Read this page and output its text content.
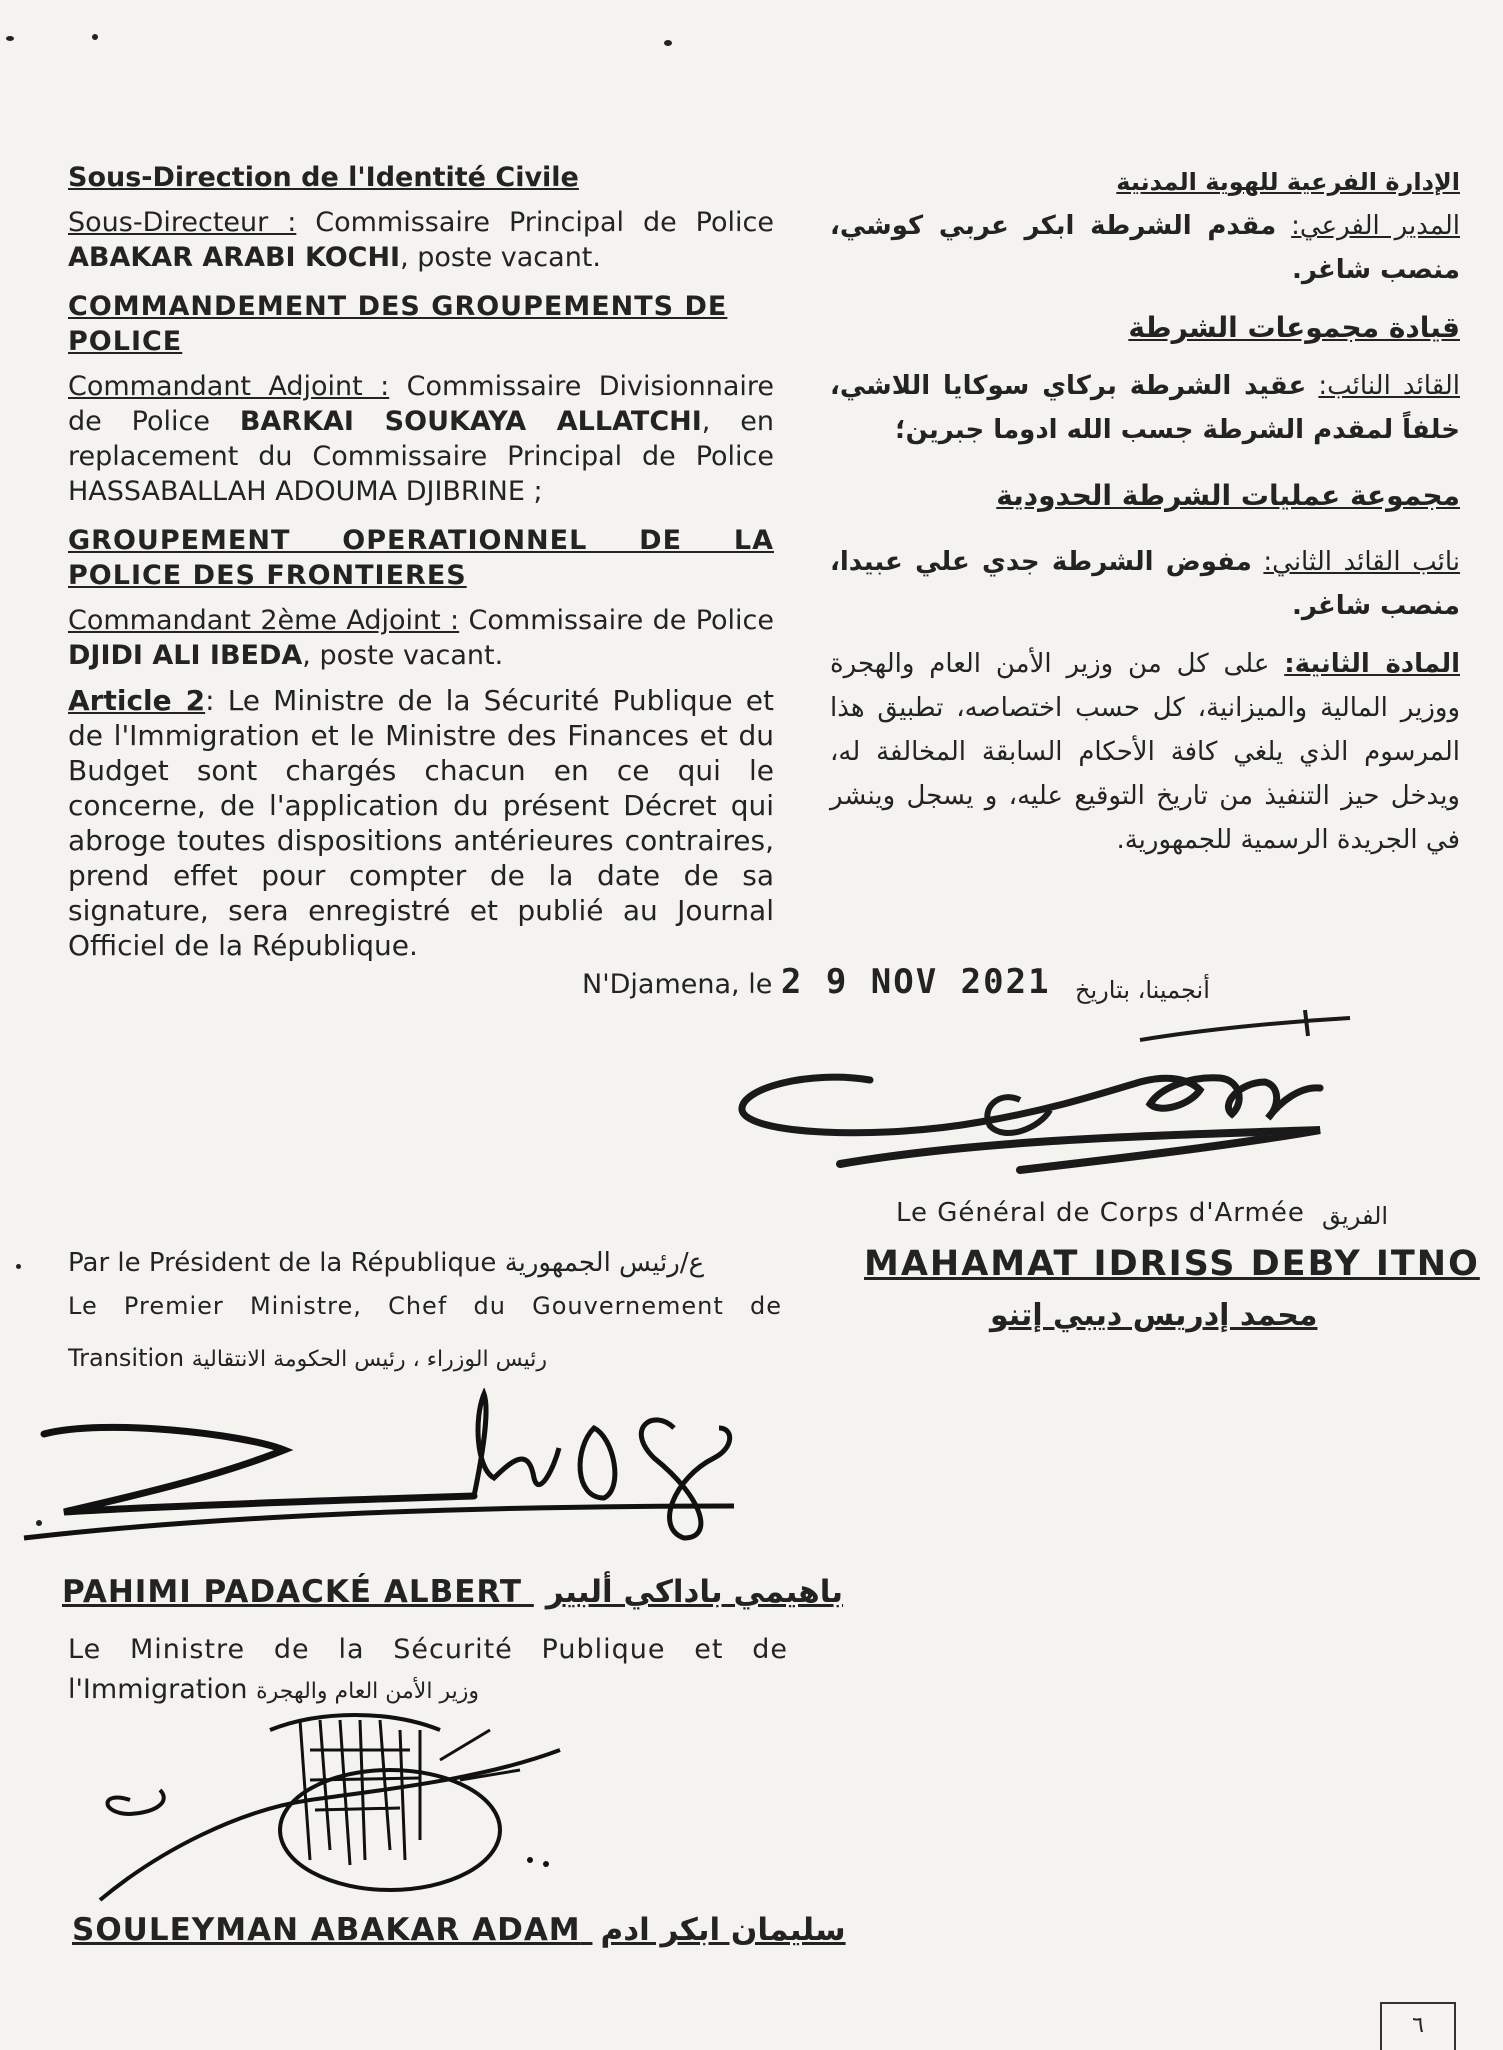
Sous-Direction de l'Identité Civile

Sous-Directeur : Commissaire Principal de Police ABAKAR ARABI KOCHI, poste vacant.

COMMANDEMENT DES GROUPEMENTS DE POLICE

Commandant Adjoint : Commissaire Divisionnaire de Police BARKAI SOUKAYA ALLATCHI, en replacement du Commissaire Principal de Police HASSABALLAH ADOUMA DJIBRINE ;

GROUPEMENT OPERATIONNEL DE LA POLICE DES FRONTIERES

Commandant 2ème Adjoint : Commissaire de Police DJIDI ALI IBEDA, poste vacant.

Article 2: Le Ministre de la Sécurité Publique et de l'Immigration et le Ministre des Finances et du Budget sont chargés chacun en ce qui le concerne, de l'application du présent Décret qui abroge toutes dispositions antérieures contraires, prend effet pour compter de la date de sa signature, sera enregistré et publié au Journal Officiel de la République.

الإدارة الفرعية للهوية المدنية

المدير الفرعي: مقدم الشرطة ابكر عربي كوشي، منصب شاغر.

قيادة مجموعات الشرطة

القائد النائب: عقيد الشرطة بركاي سوكايا اللاشي، خلفاً لمقدم الشرطة جسب الله ادوما جبرين؛

مجموعة عمليات الشرطة الحدودية

نائب القائد الثاني: مفوض الشرطة جدي علي عبيدا، منصب شاغر.

المادة الثانية: على كل من وزير الأمن العام والهجرة ووزير المالية والميزانية، كل حسب اختصاصه، تطبيق هذا المرسوم الذي يلغي كافة الأحكام السابقة المخالفة له، ويدخل حيز التنفيذ من تاريخ التوقيع عليه، و يسجل وينشر في الجريدة الرسمية للجمهورية.

N'Djamena, le 2 9 NOV 2021 أنجمينا، بتاريخ
Le Général de Corps d'Armée الفريق
MAHAMAT IDRISS DEBY ITNO
محمد إدريس ديبي إتنو
Par le Président de la République ع/رئيس الجمهورية
Le Premier Ministre, Chef du Gouvernement de
Transition رئيس الوزراء ، رئيس الحكومة الانتقالية
PAHIMI PADACKÉ ALBERT باهيمي باداكي ألبير
Le Ministre de la Sécurité Publique et de
l'Immigration وزير الأمن العام والهجرة
SOULEYMAN ABAKAR ADAM سليمان ابكر ادم
٦
